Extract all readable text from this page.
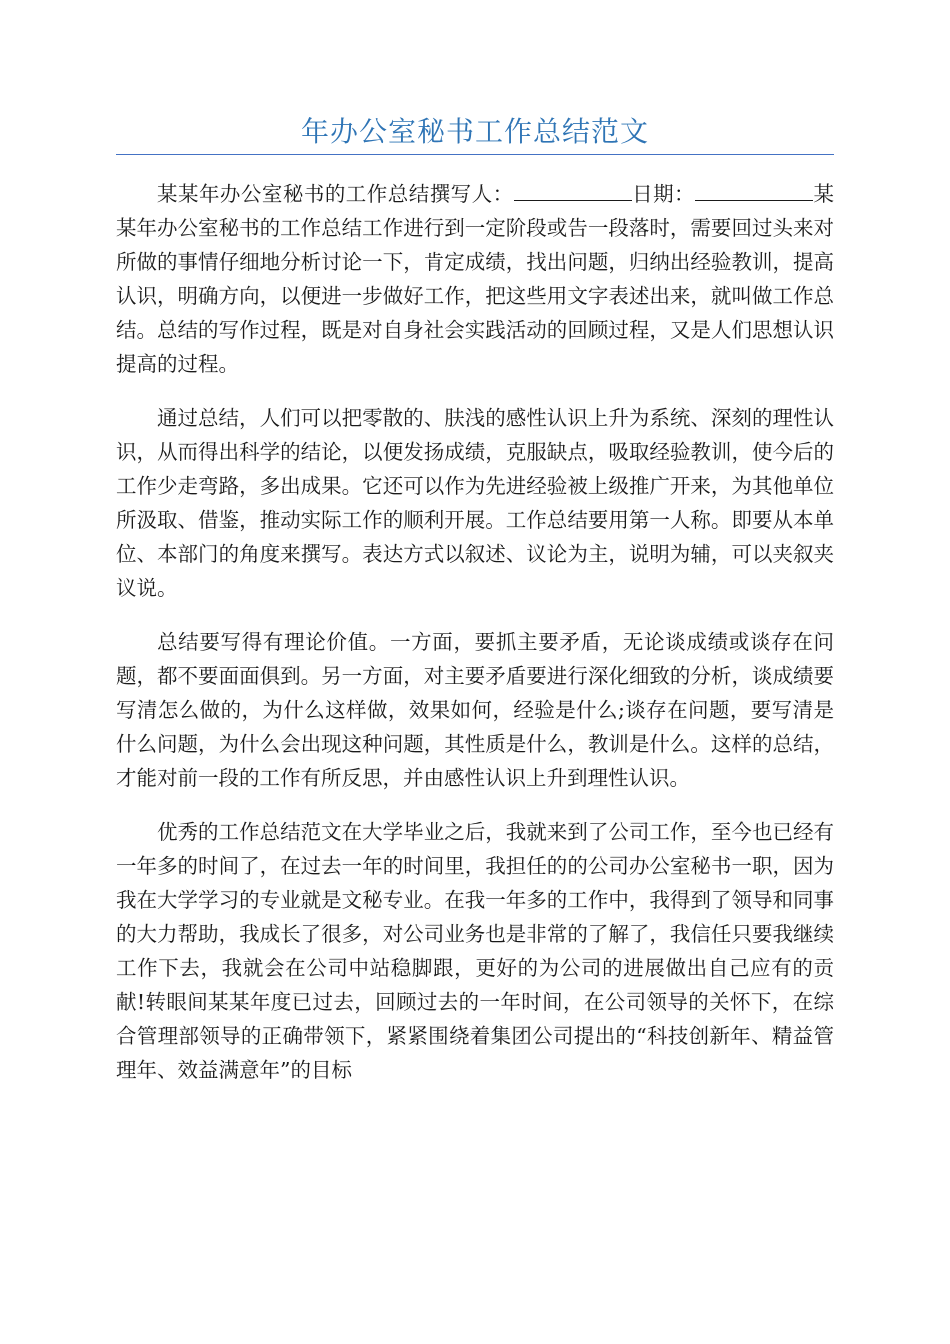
年办公室秘书工作总结范文

某某年办公室秘书的工作总结撰写人：	日期：	某某年办公室秘书的工作总结工作进行到一定阶段或告一段落时，需要回过头来对所做的事情仔细地分析讨论一下，肯定成绩，找出问题，归纳出经验教训，提高认识，明确方向，以便进一步做好工作，把这些用文字表述出来，就叫做工作总结。总结的写作过程，既是对自身社会实践活动的回顾过程，又是人们思想认识提高的过程。

通过总结，人们可以把零散的、肤浅的感性认识上升为系统、深刻的理性认识，从而得出科学的结论，以便发扬成绩，克服缺点，吸取经验教训，使今后的工作少走弯路，多出成果。它还可以作为先进经验被上级推广开来，为其他单位所汲取、借鉴，推动实际工作的顺利开展。工作总结要用第一人称。即要从本单位、本部门的角度来撰写。表达方式以叙述、议论为主，说明为辅，可以夹叙夹议说。

总结要写得有理论价值。一方面，要抓主要矛盾，无论谈成绩或谈存在问题，都不要面面俱到。另一方面，对主要矛盾要进行深化细致的分析，谈成绩要写清怎么做的，为什么这样做，效果如何，经验是什么;谈存在问题，要写清是什么问题，为什么会出现这种问题，其性质是什么，教训是什么。这样的总结，才能对前一段的工作有所反思，并由感性认识上升到理性认识。

优秀的工作总结范文在大学毕业之后，我就来到了公司工作，至今也已经有一年多的时间了，在过去一年的时间里，我担任的的公司办公室秘书一职，因为我在大学学习的专业就是文秘专业。在我一年多的工作中，我得到了领导和同事的大力帮助，我成长了很多，对公司业务也是非常的了解了，我信任只要我继续工作下去，我就会在公司中站稳脚跟，更好的为公司的进展做出自己应有的贡献!转眼间某某年度已过去，回顾过去的一年时间，在公司领导的关怀下，在综合管理部领导的正确带领下，紧紧围绕着集团公司提出的“科技创新年、精益管理年、效益满意年”的目标
